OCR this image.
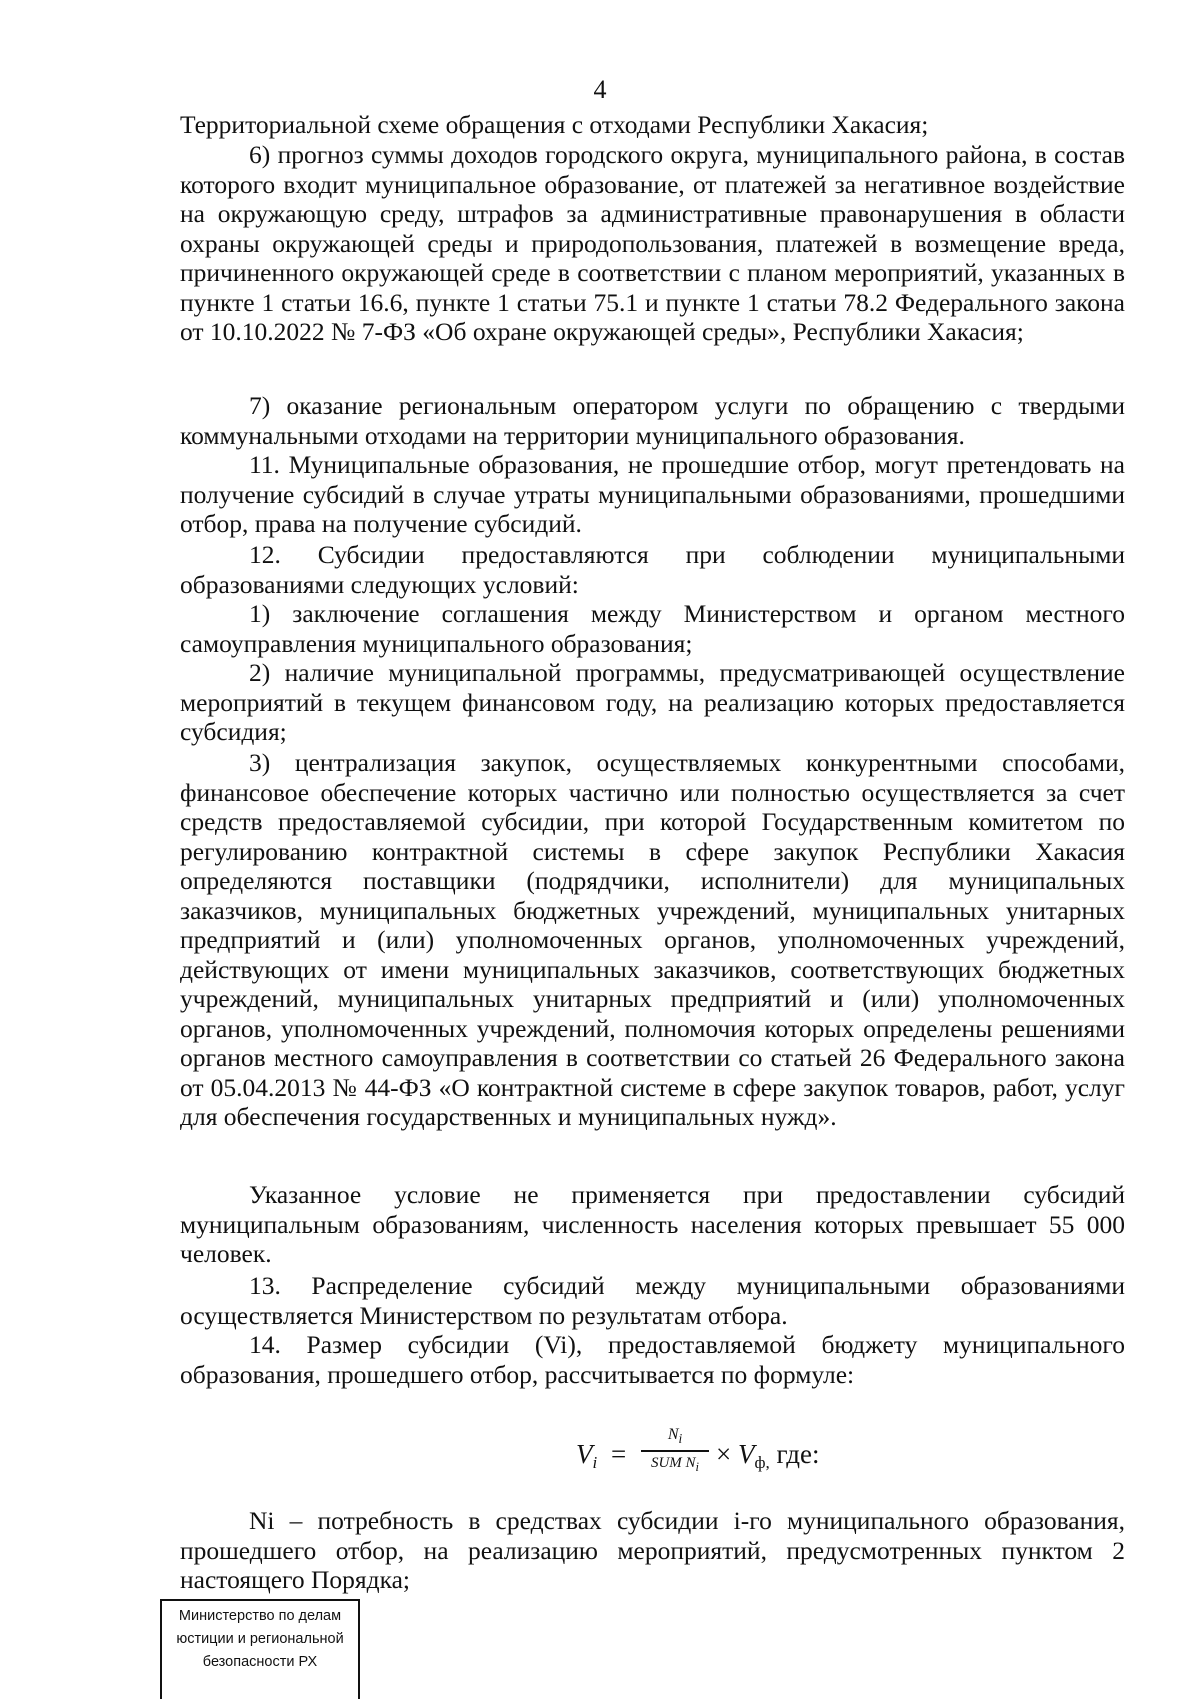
4
Территориальной схеме обращения с отходами Республики Хакасия;
6) прогноз суммы доходов городского округа, муниципального района, в состав которого входит муниципальное образование, от платежей за негативное воздействие на окружающую среду, штрафов за административные правонарушения в области охраны окружающей среды и природопользования, платежей в возмещение вреда, причиненного окружающей среде в соответствии с планом мероприятий, указанных в пункте 1 статьи 16.6, пункте 1 статьи 75.1 и пункте 1 статьи 78.2 Федерального закона от 10.10.2022 № 7-ФЗ «Об охране окружающей среды», Республики Хакасия;
7) оказание региональным оператором услуги по обращению с твердыми коммунальными отходами на территории муниципального образования.
11. Муниципальные образования, не прошедшие отбор, могут претендовать на получение субсидий в случае утраты муниципальными образованиями, прошедшими отбор, права на получение субсидий.
12. Субсидии предоставляются при соблюдении муниципальными образованиями следующих условий:
1) заключение соглашения между Министерством и органом местного самоуправления муниципального образования;
2) наличие муниципальной программы, предусматривающей осуществление мероприятий в текущем финансовом году, на реализацию которых предоставляется субсидия;
3) централизация закупок, осуществляемых конкурентными способами, финансовое обеспечение которых частично или полностью осуществляется за счет средств предоставляемой субсидии, при которой Государственным комитетом по регулированию контрактной системы в сфере закупок Республики Хакасия определяются поставщики (подрядчики, исполнители) для муниципальных заказчиков, муниципальных бюджетных учреждений, муниципальных унитарных предприятий и (или) уполномоченных органов, уполномоченных учреждений, действующих от имени муниципальных заказчиков, соответствующих бюджетных учреждений, муниципальных унитарных предприятий и (или) уполномоченных органов, уполномоченных учреждений, полномочия которых определены решениями органов местного самоуправления в соответствии со статьей 26 Федерального закона от 05.04.2013 № 44-ФЗ «О контрактной системе в сфере закупок товаров, работ, услуг для обеспечения государственных и муниципальных нужд».
Указанное условие не применяется при предоставлении субсидий муниципальным образованиям, численность населения которых превышает 55 000 человек.
13. Распределение субсидий между муниципальными образованиями осуществляется Министерством по результатам отбора.
14. Размер субсидии (Vi), предоставляемой бюджету муниципального образования, прошедшего отбор, рассчитывается по формуле:
$V_i$ =
$N_i$
SUM $N_i \times V_{ф,}$ где:
Ni – потребность в средствах субсидии i-го муниципального образования, прошедшего отбор, на реализацию мероприятий, предусмотренных пунктом 2 настоящего Порядка;
Министерство по делам
юстиции и региональной
безопасности РХ
